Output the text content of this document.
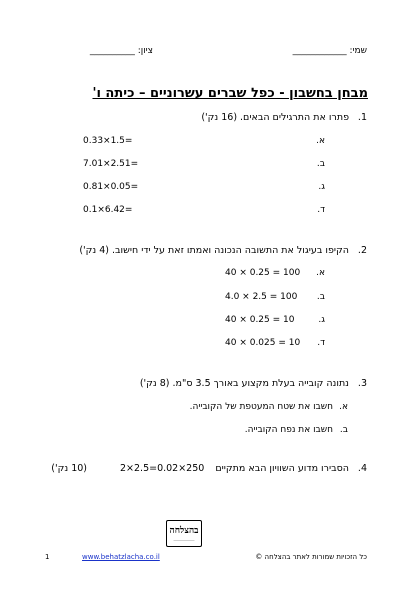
שמי: ____________
ציון: __________
מבחן בחשבון - כפל שברים עשרוניים – כיתה ו'
1.
פתרו את התרגילים הבאים. (16 נק')
א.
0.33×1.5=
ב.
7.01×2.51=
ג.
0.81×0.05=
ד.
0.1×6.42=
2.
הקיפו בעיגול את התשובה הנכונה ואמתו זאת על ידי חישוב. (4 נק')
א.
40 × 0.25 = 100
ב.
4.0 × 2.5 = 100
ג.
40 × 0.25 = 10
ד.
40 × 0.025 = 10
3.
נתונה קובייה בעלת מקצוע באורך 3.5 ס"מ. (8 נק')
א.
חשבו את שטח המעטפת של הקובייה.
ב.
חשבו את נפח הקובייה.
4.
הסבירו מדוע השוויון הבא מתקיים
2×2.5=0.02×250
(10 נק')
בהצלחה
―――――――
1	www.behatzlacha.co.il	כל הזכויות שמורות לאתר בהצלחה ©
